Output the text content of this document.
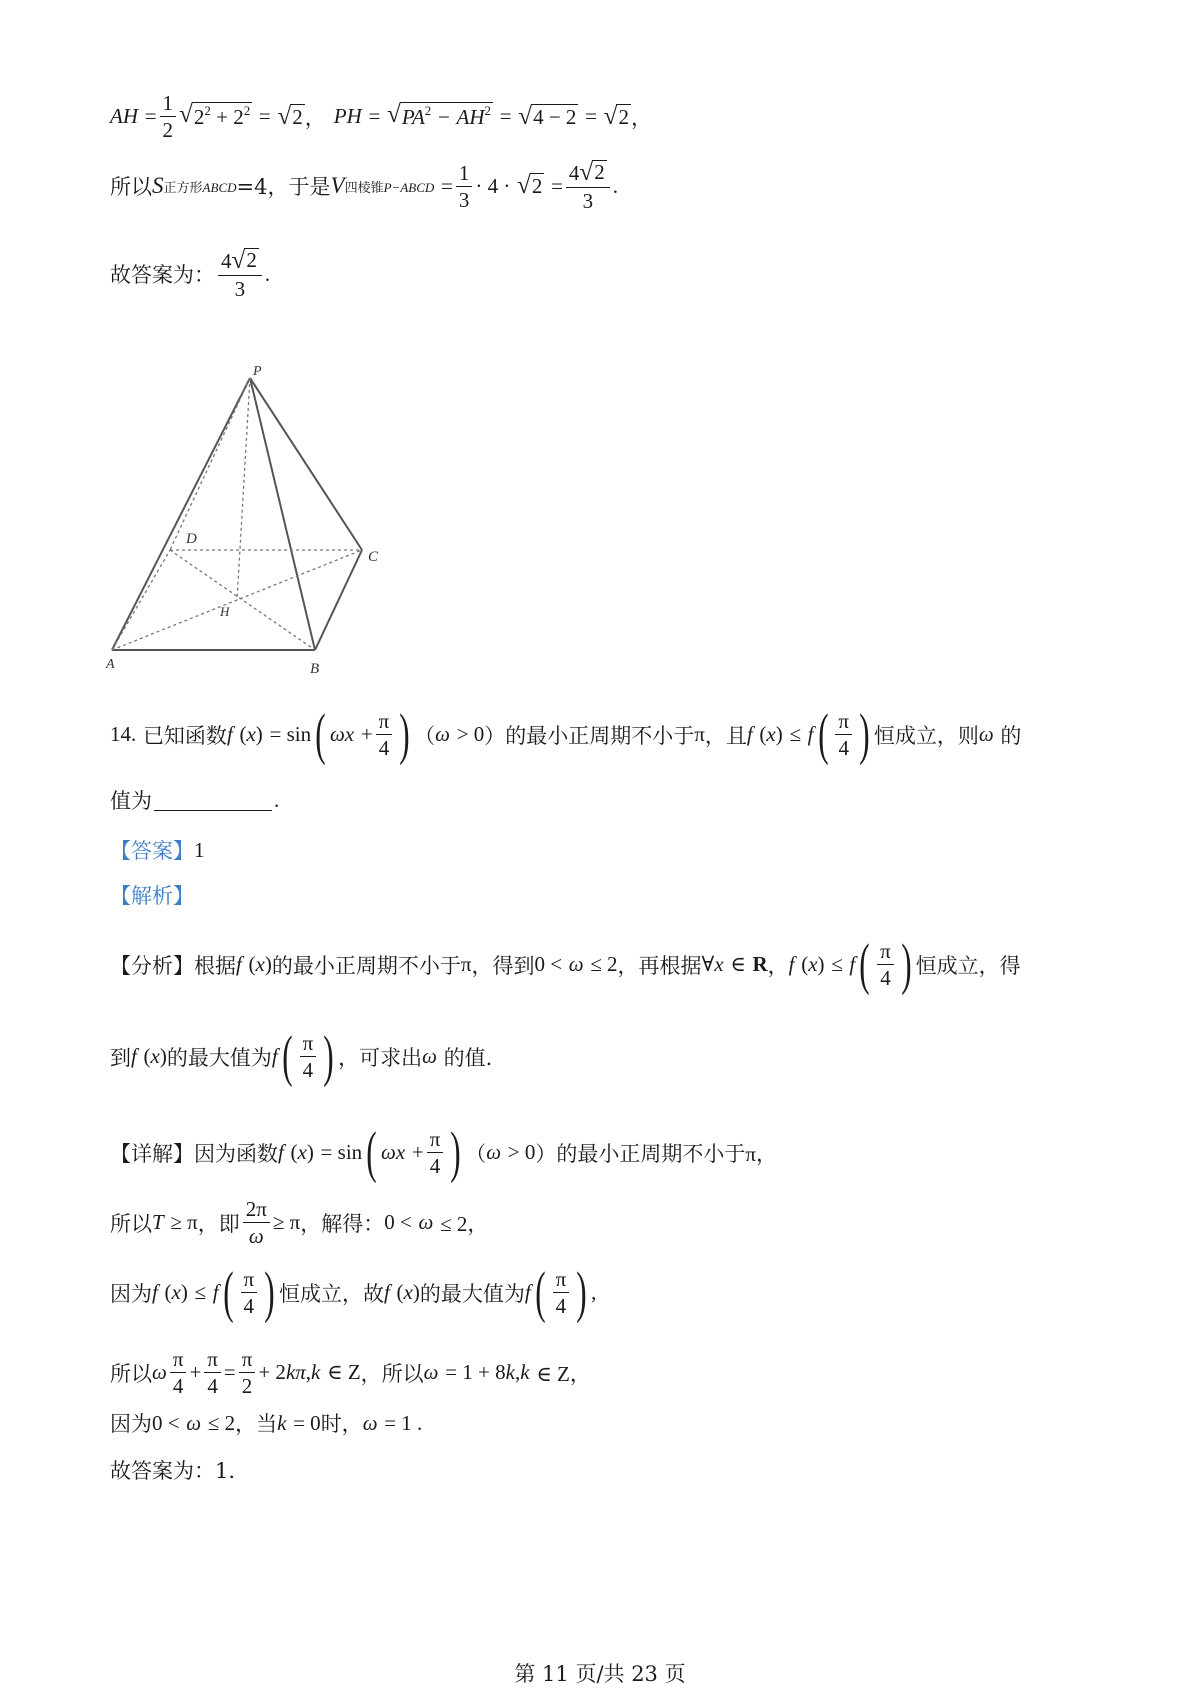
AH
= $\frac{1}{2}$ √ $2^2 + 2^2$
=
√ 2 ， PH
=
√ $PA^2 - AH^2$
=
√ 4 − 2
=
√ 2 ，
所以 S 正方形ABCD =4，于是 V 四棱锥P−ABCD
= $\frac{1}{3} \cdot 4$ ·
√ 2
= $\frac{4 √ 2}{3}$ .
故答案为： $\frac{4 √ 2}{3}$ .
P
D
C
H
A	B
14.
已知函数 f
( x )
= sin ( ωx
+ $\frac{\pi}{4}$ ) （ ω
> 0 ） 的最小正周期不小于 π ，且 f
( x )
≤
f ( $\frac{\pi}{4}$ ) 恒成立，则 ω
的
值为	.
【答案】 1
【解析】
【分析】 根据 f
( x ) 的最小正周期不小于 π ，得到 0 <
ω
≤ 2 ，再根据 ∀ x
∈
R ， f
( x )
≤
f ( $\frac{\pi}{4}$ ) 恒成立，得
到 f
( x ) 的最大值为 f ( $\frac{\pi}{4}$ ) ，可求出 ω
的值.
【详解】 因为函数 f
( x )
= sin ( ωx
+ $\frac{\pi}{4}$ ) （ ω
> 0 ） 的最小正周期不小于 π，
所以 T
≥ π ，即 $\frac{2\pi}{\omega} \ge \pi$ ，解得： 0 <
ω
≤ 2，
因为 f
( x )
≤
f ( $\frac{\pi}{4}$ ) 恒成立，故 f
( x ) 的最大值为 f ( $\frac{\pi}{4}$ ) ,
所以 ω $\frac{\pi}{4} + \frac{\pi}{4} = \frac{\pi}{2} + 2$ kπ , k
∈ Z ，所以 ω
= 1 + 8 k , k
∈ Z，
因为 0 <
ω
≤ 2 ，当 k
= 0 时， ω
= 1 .
故答案为：1.
第 11 页/共 23 页
